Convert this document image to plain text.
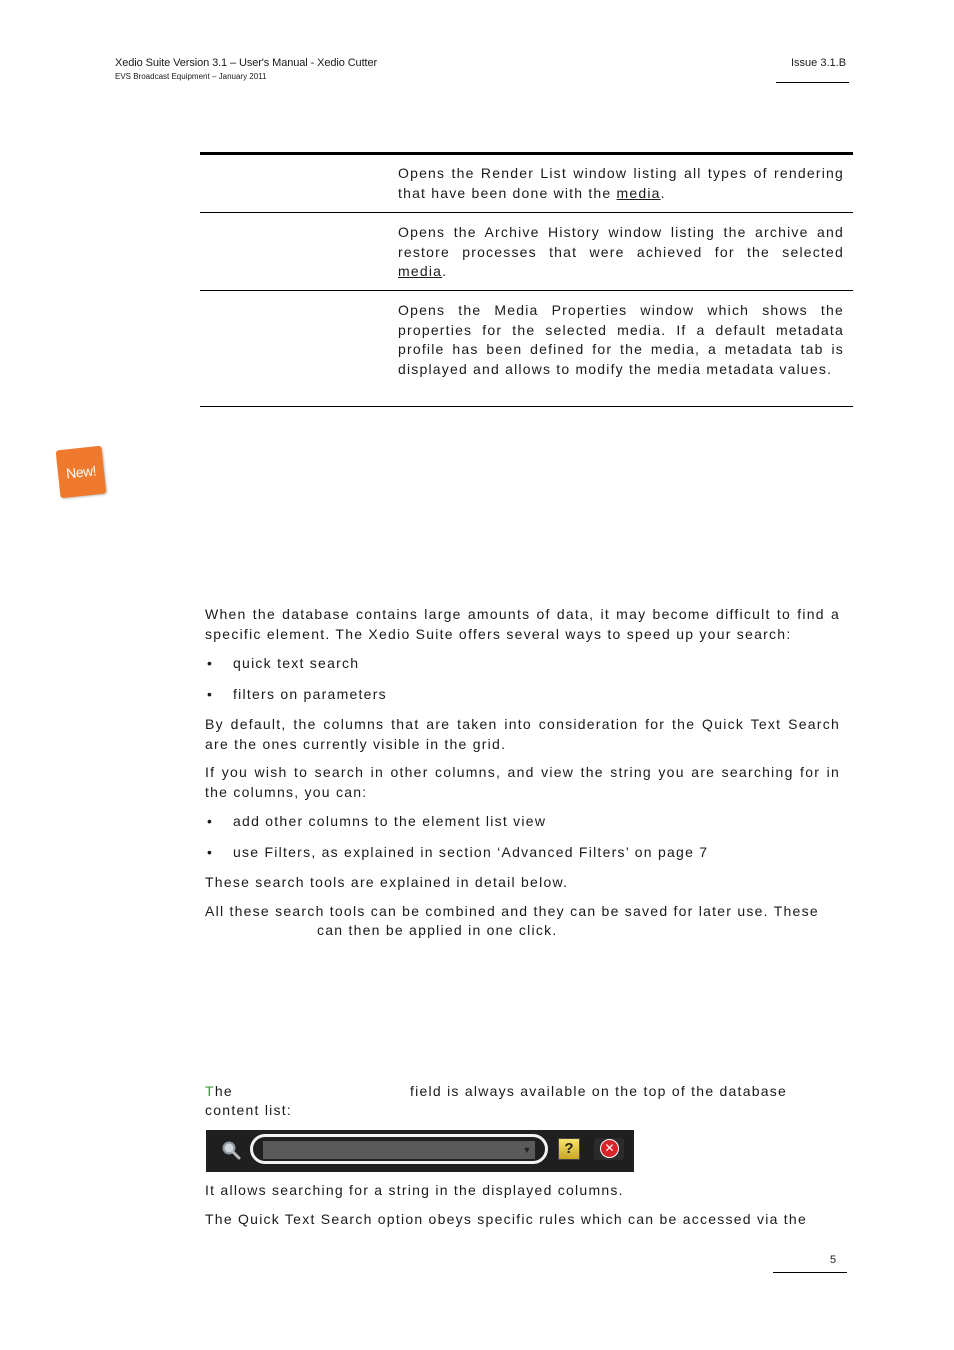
Xedio Suite Version 3.1 – User's Manual - Xedio Cutter
EVS Broadcast Equipment – January 2011
Issue 3.1.B
Opens the Render List window listing all types of rendering that have been done with the media.
Opens the Archive History window listing the archive and restore processes that were achieved for the selected media.
Opens the Media Properties window which shows the properties for the selected media. If a default metadata profile has been defined for the media, a metadata tab is displayed and allows to modify the media metadata values.
New!
When the database contains large amounts of data, it may become difficult to find a specific element. The Xedio Suite offers several ways to speed up your search:
• quick text search
• filters on parameters
By default, the columns that are taken into consideration for the Quick Text Search are the ones currently visible in the grid.
If you wish to search in other columns, and view the string you are searching for in the columns, you can:
• add other columns to the element list view
• use Filters, as explained in section ‘Advanced Filters’ on page 7
These search tools are explained in detail below.
All these search tools can be combined and they can be saved for later use. These
can then be applied in one click.
The	field is always available on the top of the database
content list:
▼	?	✕
It allows searching for a string in the displayed columns.
The Quick Text Search option obeys specific rules which can be accessed via the
5
